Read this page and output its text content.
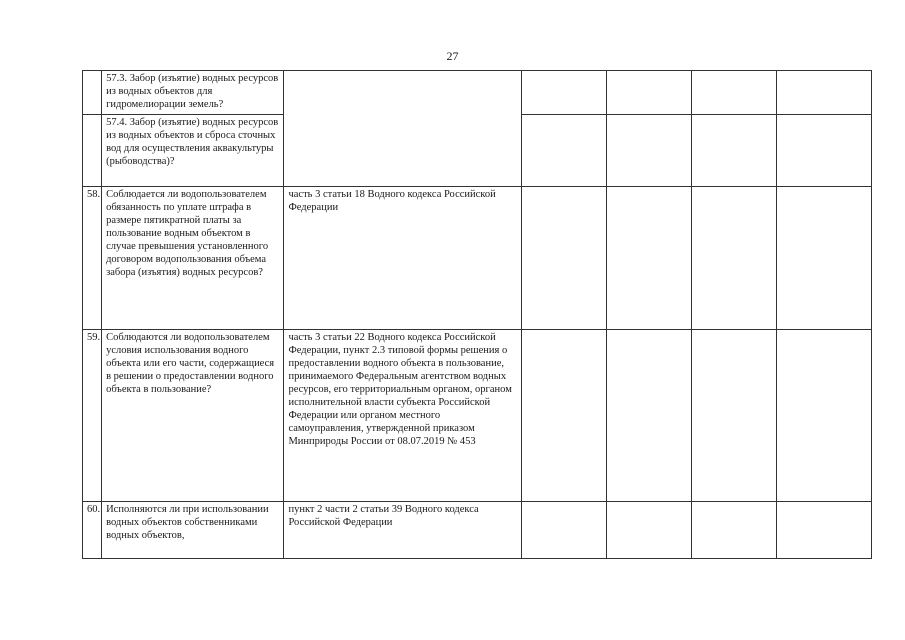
27
	57.3. Забор (изъятие) водных ресурсов из водных объектов для гидромелиорации земель?					
	57.4. Забор (изъятие) водных ресурсов из водных объектов и сброса сточных вод для осуществления аквакультуры (рыбоводства)?					
58.	Соблюдается ли водопользователем обязанность по уплате штрафа в размере пятикратной платы за пользование водным объектом в случае превышения установленного договором водопользования объема забора (изъятия) водных ресурсов?	часть 3 статьи 18 Водного кодекса Российской Федерации				
59.	Соблюдаются ли водопользователем условия использования водного объекта или его части, содержащиеся в решении о предоставлении водного объекта в пользование?	часть 3 статьи 22 Водного кодекса Российской Федерации, пункт 2.3 типовой формы решения о предоставлении водного объекта в пользование, принимаемого Федеральным агентством водных ресурсов, его территориальным органом, органом исполнительной власти субъекта Российской Федерации или органом местного самоуправления, утвержденной приказом Минприроды России от 08.07.2019 № 453				
60.	Исполняются ли при использовании водных объектов собственниками водных объектов,	пункт 2 части 2 статьи 39 Водного кодекса Российской Федерации				
